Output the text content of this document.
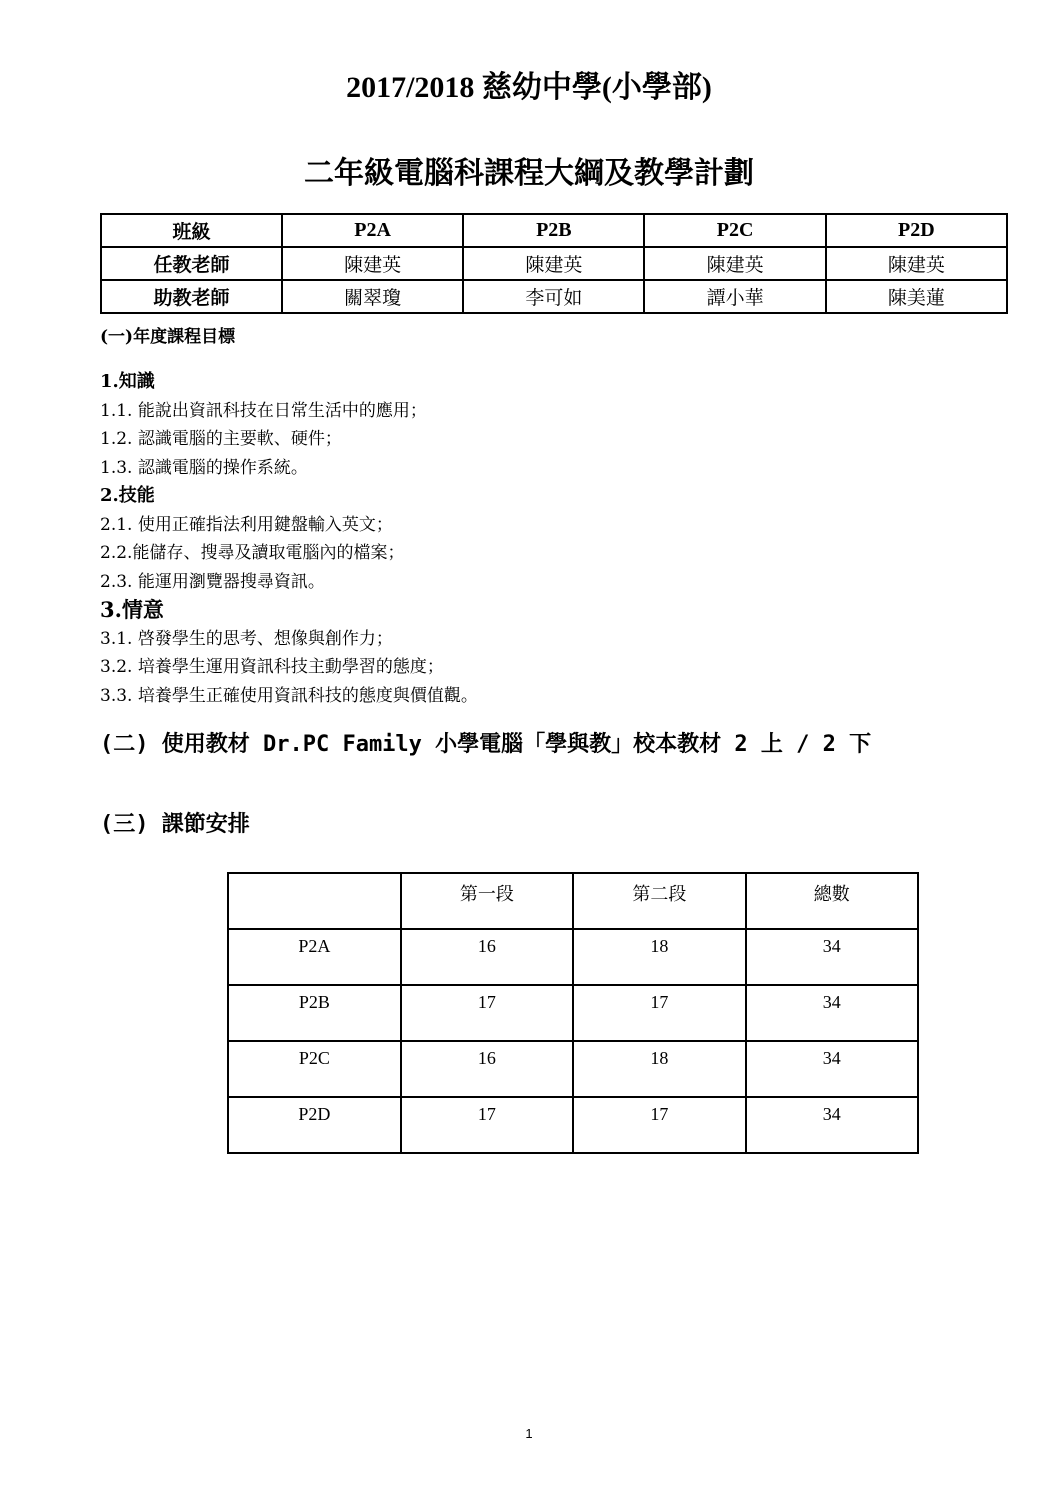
2017/2018 慈幼中學(小學部)
二年級電腦科課程大綱及教學計劃
班級	P2A	P2B	P2C	P2D
任教老師	陳建英	陳建英	陳建英	陳建英
助教老師	關翠瓊	李可如	譚小華	陳美蓮
(一)年度課程目標
1.知識
1.1. 能說出資訊科技在日常生活中的應用；
1.2. 認識電腦的主要軟、硬件；
1.3. 認識電腦的操作系統。
2.技能
2.1. 使用正確指法利用鍵盤輸入英文；
2.2.能儲存、搜尋及讀取電腦內的檔案；
2.3. 能運用瀏覽器搜尋資訊。
3.情意
3.1. 啓發學生的思考、想像與創作力；
3.2. 培養學生運用資訊科技主動學習的態度；
3.3. 培養學生正確使用資訊科技的態度與價值觀。
(二) 使用教材 Dr.PC Family 小學電腦「學與教」校本教材 2 上 / 2 下
(三) 課節安排
	第一段	第二段	總數
P2A	16	18	34
P2B	17	17	34
P2C	16	18	34
P2D	17	17	34
1
